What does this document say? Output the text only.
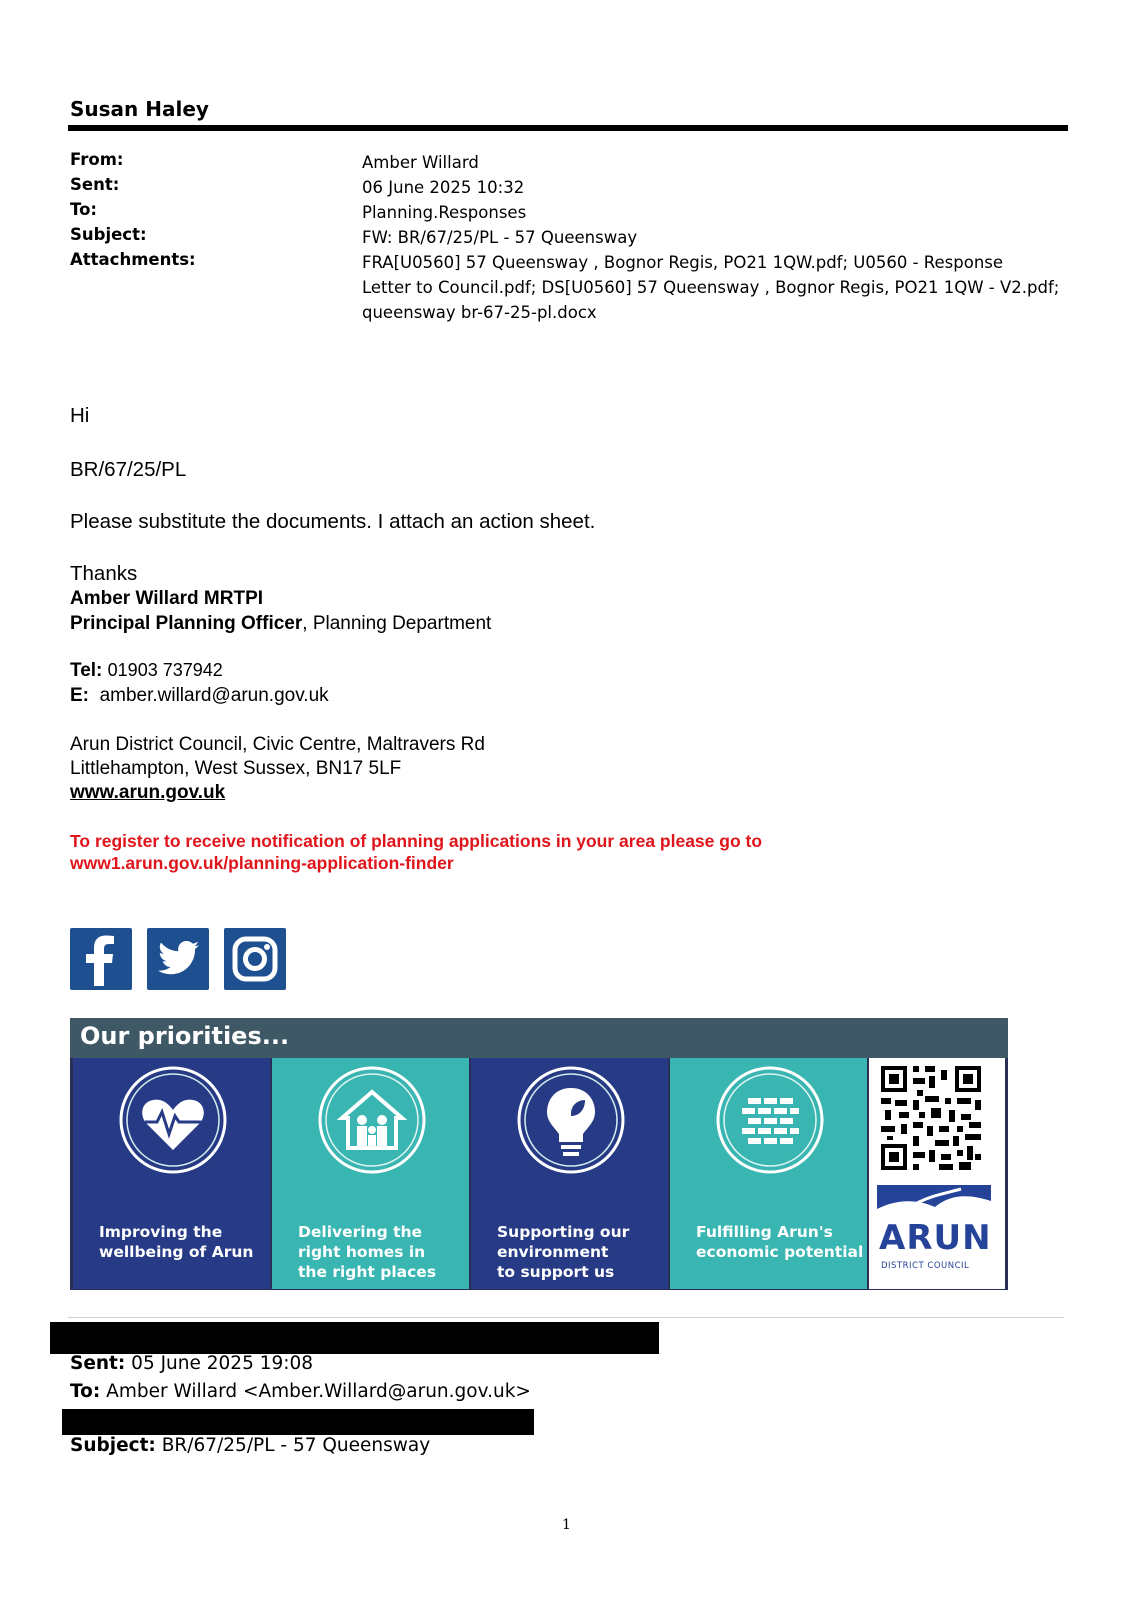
Susan Haley
From:	Amber Willard
Sent:	06 June 2025 10:32
To:	Planning.Responses
Subject:	FW: BR/67/25/PL - 57 Queensway
Attachments:	FRA[U0560] 57 Queensway , Bognor Regis, PO21 1QW.pdf; U0560 - Response
Letter to Council.pdf; DS[U0560] 57 Queensway , Bognor Regis, PO21 1QW - V2.pdf;
queensway br-67-25-pl.docx
Hi
BR/67/25/PL
Please substitute the documents. I attach an action sheet.
Thanks
Amber Willard MRTPI
Principal Planning Officer, Planning Department
Tel: 01903 737942
E: amber.willard@arun.gov.uk
Arun District Council, Civic Centre, Maltravers Rd
Littlehampton, West Sussex, BN17 5LF
www.arun.gov.uk
To register to receive notification of planning applications in your area please go to
www1.arun.gov.uk/planning-application-finder
Our priorities...
Improving the
wellbeing of Arun
Delivering the
right homes in
the right places
Supporting our
environment
to support us
Fulfilling Arun's
economic potential ARUN
DISTRICT COUNCIL
Sent: 05 June 2025 19:08
To: Amber Willard <Amber.Willard@arun.gov.uk>
Subject: BR/67/25/PL - 57 Queensway
1
